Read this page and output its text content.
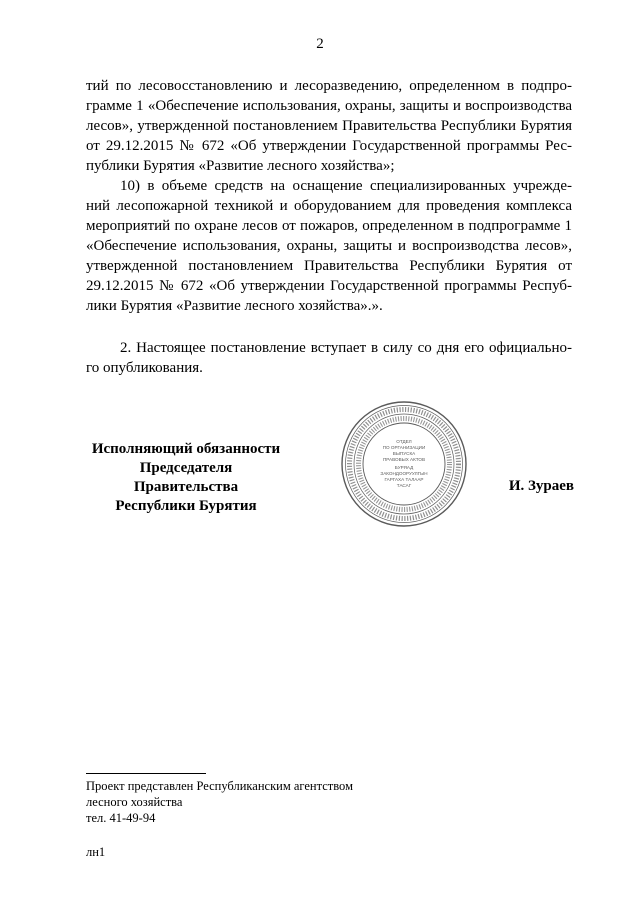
2
тий по лесовосстановлению и лесоразведению, определенном в подпро-
грамме 1 «Обеспечение использования, охраны, защиты и воспроизводства
лесов», утвержденной постановлением Правительства Республики Бурятия
от 29.12.2015 № 672 «Об утверждении Государственной программы Рес-
публики Бурятия «Развитие лесного хозяйства»;
10) в объеме средств на оснащение специализированных учрежде-
ний лесопожарной техникой и оборудованием для проведения комплекса
мероприятий по охране лесов от пожаров, определенном в подпрограмме 1
«Обеспечение использования, охраны, защиты и воспроизводства лесов»,
утвержденной постановлением Правительства Республики Бурятия от
29.12.2015 № 672 «Об утверждении Государственной программы Респуб-
лики Бурятия «Развитие лесного хозяйства».».
2. Настоящее постановление вступает в силу со дня его официально-
го опубликования.
Исполняющий обязанности
Председателя Правительства
Республики Бурятия
ОТДЕЛ
ПО ОРГАНИЗАЦИИ
ВЫПУСКА
ПРАВОВЫХ АКТОВ
БУРЯАД
ЗАКОНДООРУУЛГЫН
ГАРГАХА ТАЛААР
ТАСАГ	И. Зураев
Проект представлен Республиканским агентством
лесного хозяйства
тел. 41-49-94
лн1
